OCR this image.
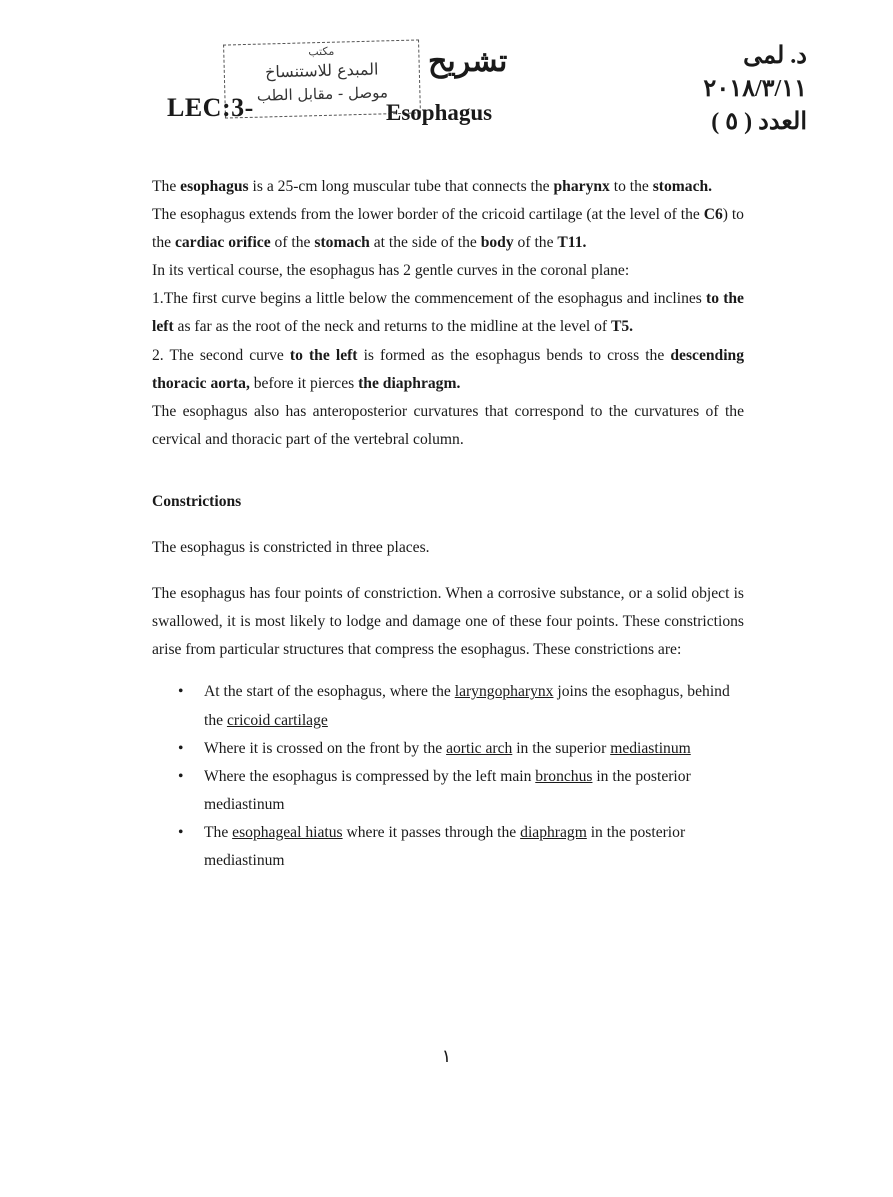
مكتب
المبدع للاستنساخ
موصل - مقابل الطب
تشريح
LEC:3-	Esophagus
د. لمى
٢٠١٨/٣/١١
العدد ( ٥ )

The esophagus is a 25-cm long muscular tube that connects the pharynx to the stomach.

The esophagus extends from the lower border of the cricoid cartilage (at the level of the C6) to the cardiac orifice of the stomach at the side of the body of the T11.

In its vertical course, the esophagus has 2 gentle curves in the coronal plane:

1.The first curve begins a little below the commencement of the esophagus and inclines to the left as far as the root of the neck and returns to the midline at the level of T5.

2. The second curve to the left is formed as the esophagus bends to cross the descending thoracic aorta, before it pierces the diaphragm.

The esophagus also has anteroposterior curvatures that correspond to the curvatures of the cervical and thoracic part of the vertebral column.

Constrictions

The esophagus is constricted in three places.

The esophagus has four points of constriction. When a corrosive substance, or a solid object is swallowed, it is most likely to lodge and damage one of these four points. These constrictions arise from particular structures that compress the esophagus. These constrictions are:

• At the start of the esophagus, where the laryngopharynx joins the esophagus, behind the cricoid cartilage
• Where it is crossed on the front by the aortic arch in the superior mediastinum
• Where the esophagus is compressed by the left main bronchus in the posterior mediastinum
• The esophageal hiatus where it passes through the diaphragm in the posterior mediastinum
١
